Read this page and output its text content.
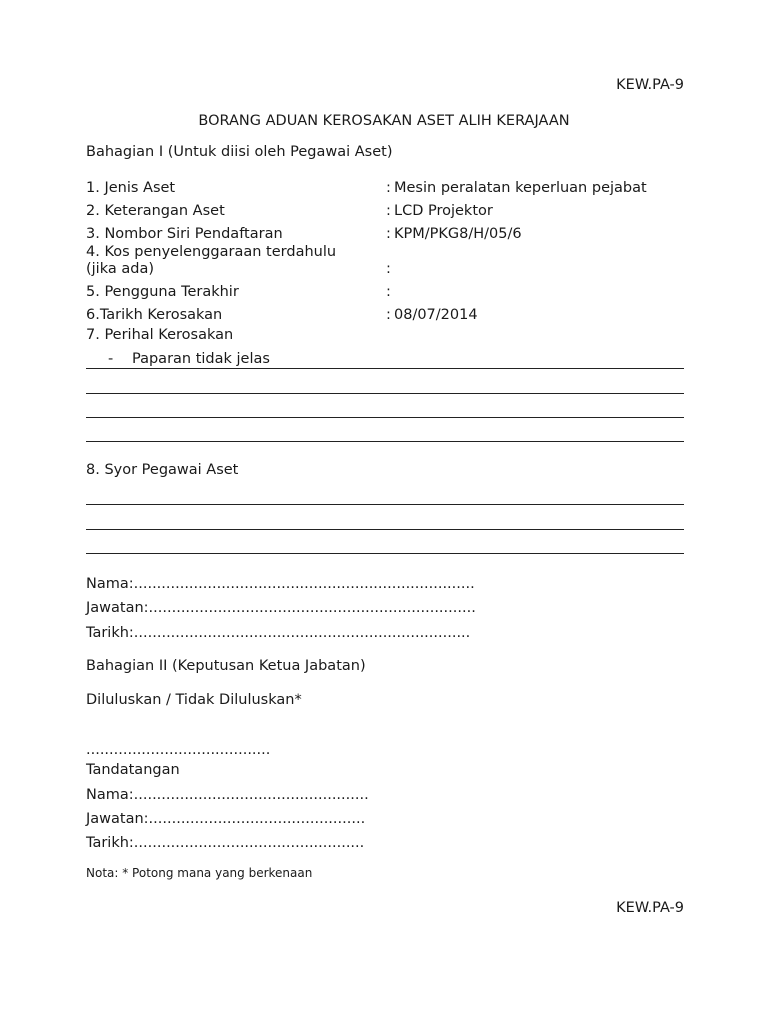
KEW.PA-9
BORANG ADUAN KEROSAKAN ASET ALIH KERAJAAN
Bahagian I (Untuk diisi oleh Pegawai Aset)
1. Jenis Aset	: Mesin peralatan keperluan pejabat
2. Keterangan Aset	: LCD Projektor
3. Nombor Siri Pendaftaran	: KPM/PKG8/H/05/6
4. Kos penyelenggaraan terdahulu
(jika ada)	:
5. Pengguna Terakhir	:
6.Tarikh Kerosakan	: 08/07/2014
7. Perihal Kerosakan
- Paparan tidak jelas
8. Syor Pegawai Aset
Nama:..........................................................................
Jawatan:.......................................................................
Tarikh:.........................................................................
Bahagian II (Keputusan Ketua Jabatan)
Diluluskan / Tidak Diluluskan*
........................................
Tandatangan
Nama:...................................................
Jawatan:...............................................
Tarikh:..................................................
Nota: * Potong mana yang berkenaan
KEW.PA-9
